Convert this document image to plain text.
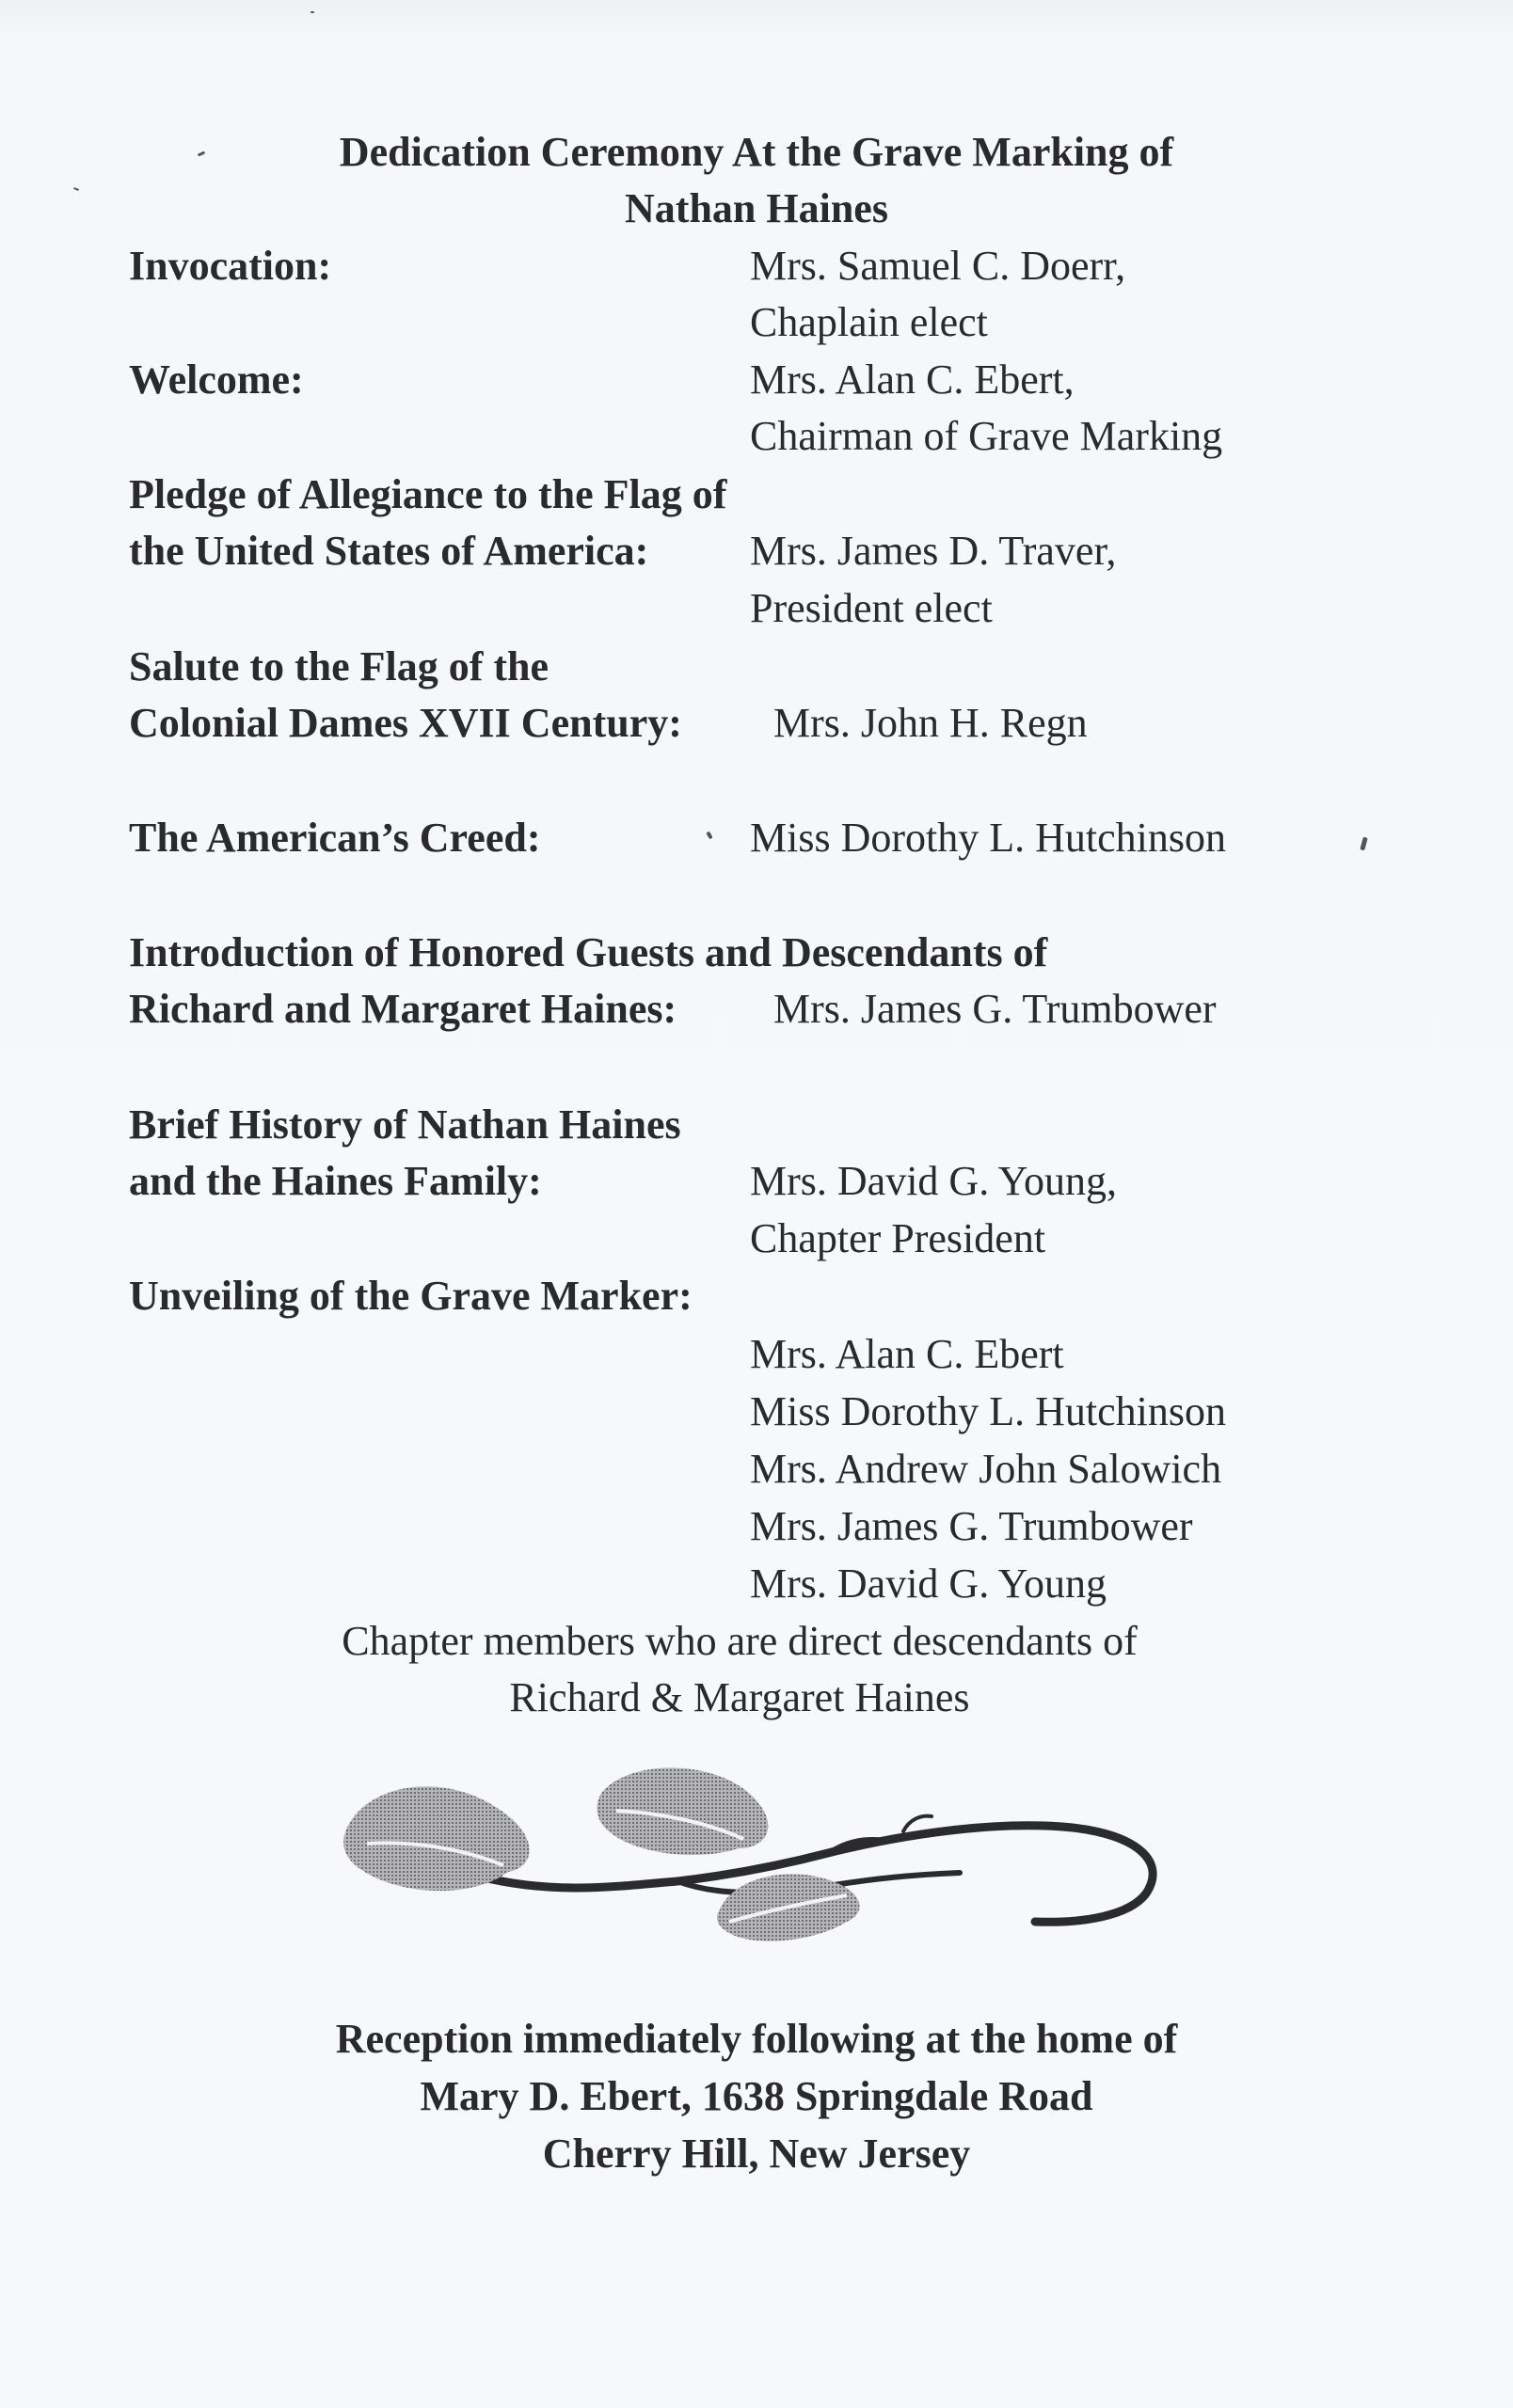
Dedication Ceremony At the Grave Marking of
Nathan Haines
Invocation:	Mrs. Samuel C. Doerr,
Chaplain elect
Welcome:	Mrs. Alan C. Ebert,
Chairman of Grave Marking
Pledge of Allegiance to the Flag of
the United States of America: Mrs. James D. Traver,
President elect
Salute to the Flag of the
Colonial Dames XVII Century: Mrs. John H. Regn
The American’s Creed:	Miss Dorothy L. Hutchinson
Introduction of Honored Guests and Descendants of
Richard and Margaret Haines: Mrs. James G. Trumbower
Brief History of Nathan Haines
and the Haines Family:	Mrs. David G. Young,
Chapter President
Unveiling of the Grave Marker:
Mrs. Alan C. Ebert
Miss Dorothy L. Hutchinson
Mrs. Andrew John Salowich
Mrs. James G. Trumbower
Mrs. David G. Young
Chapter members who are direct descendants of
Richard & Margaret Haines
Reception immediately following at the home of
Mary D. Ebert, 1638 Springdale Road
Cherry Hill, New Jersey
